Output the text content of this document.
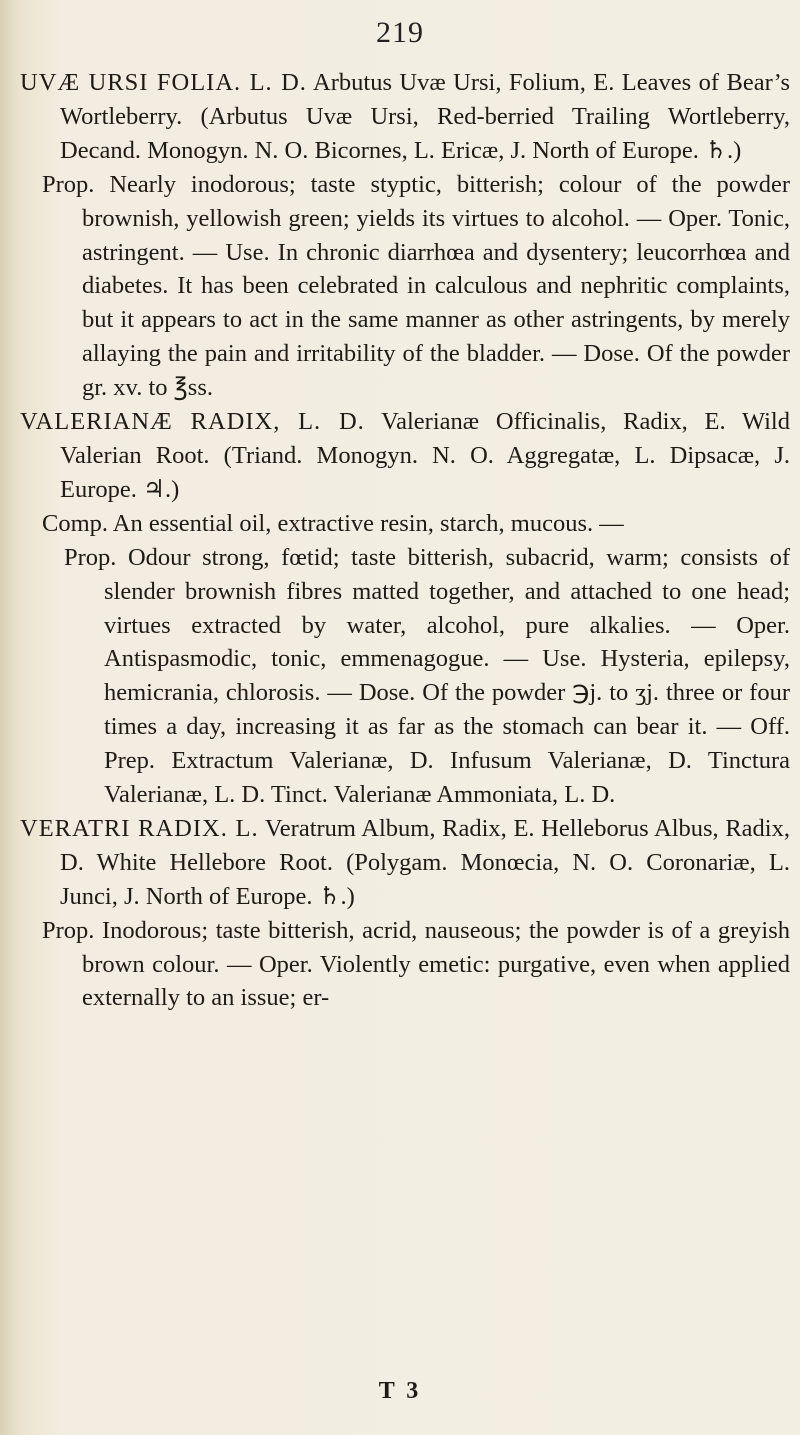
219

UVÆ URSI FOLIA. L. D. Arbutus Uvæ Ursi, Folium, E. Leaves of Bear’s Wortleberry. (Arbutus Uvæ Ursi, Red-berried Trailing Wortleberry, Decand. Monogyn. N. O. Bicornes, L. Ericæ, J. North of Europe. ♄.)

Prop. Nearly inodorous; taste styptic, bitterish; colour of the powder brownish, yellowish green; yields its virtues to alcohol. — Oper. Tonic, astringent. — Use. In chronic diarrhœa and dysentery; leucorrhœa and diabetes. It has been celebrated in calculous and nephritic complaints, but it appears to act in the same manner as other astringents, by merely allaying the pain and irritability of the bladder. — Dose. Of the powder gr. xv. to ℥ss.

VALERIANÆ RADIX, L. D. Valerianæ Officinalis, Radix, E. Wild Valerian Root. (Triand. Monogyn. N. O. Aggregatæ, L. Dipsacæ, J. Europe. ♃.)

Comp. An essential oil, extractive resin, starch, mucous. —

Prop. Odour strong, fœtid; taste bitterish, subacrid, warm; consists of slender brownish fibres matted together, and attached to one head; virtues extracted by water, alcohol, pure alkalies. — Oper. Antispasmodic, tonic, emmenagogue. — Use. Hysteria, epilepsy, hemicrania, chlorosis. — Dose. Of the powder ℈j. to ʒj. three or four times a day, increasing it as far as the stomach can bear it. — Off. Prep. Extractum Valerianæ, D. Infusum Valerianæ, D. Tinctura Valerianæ, L. D. Tinct. Valerianæ Ammoniata, L. D.

VERATRI RADIX. L. Veratrum Album, Radix, E. Helleborus Albus, Radix, D. White Hellebore Root. (Polygam. Monœcia, N. O. Coronariæ, L. Junci, J. North of Europe. ♄.)

Prop. Inodorous; taste bitterish, acrid, nauseous; the powder is of a greyish brown colour. — Oper. Violently emetic: purgative, even when applied externally to an issue; er-

T 3
